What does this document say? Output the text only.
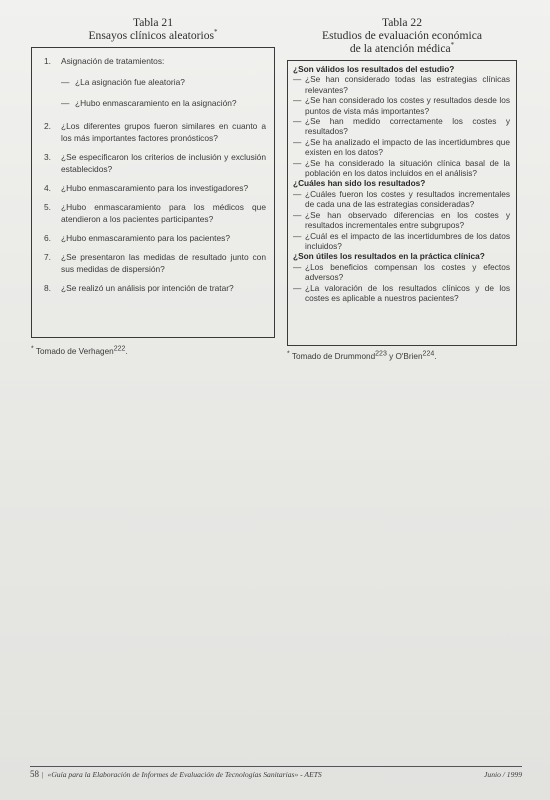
Tabla 21
Ensayos clínicos aleatorios*
1.	Asignación de tratamientos:
— ¿La asignación fue aleatoria?
— ¿Hubo enmascaramiento en la asignación?
2.	¿Los diferentes grupos fueron similares en cuanto a los más importantes factores pronósticos?
3.	¿Se especificaron los criterios de inclusión y exclusión establecidos?
4.	¿Hubo enmascaramiento para los investigadores?
5.	¿Hubo enmascaramiento para los médicos que atendieron a los pacientes participantes?
6.	¿Hubo enmascaramiento para los pacientes?
7.	¿Se presentaron las medidas de resultado junto con sus medidas de dispersión?
8.	¿Se realizó un análisis por intención de tratar?
* Tomado de Verhagen$^{222}$.
Tabla 22
Estudios de evaluación económica
de la atención médica*
¿Son válidos los resultados del estudio?
— ¿Se han considerado todas las estrategias clínicas relevantes?
— ¿Se han considerado los costes y resultados desde los puntos de vista más importantes?
— ¿Se han medido correctamente los costes y resultados?
— ¿Se ha analizado el impacto de las incertidumbres que existen en los datos?
— ¿Se ha considerado la situación clínica basal de la población en los datos incluidos en el análisis?
¿Cuáles han sido los resultados?
— ¿Cuáles fueron los costes y resultados incrementales de cada una de las estrategias consideradas?
— ¿Se han observado diferencias en los costes y resultados incrementales entre subgrupos?
— ¿Cuál es el impacto de las incertidumbres de los datos incluidos?
¿Son útiles los resultados en la práctica clínica?
— ¿Los beneficios compensan los costes y efectos adversos?
— ¿La valoración de los resultados clínicos y de los costes es aplicable a nuestros pacientes?
* Tomado de Drummond$^{223}$ y O'Brien$^{224}$.
58 | «Guía para la Elaboración de Informes de Evaluación de Tecnologías Sanitarias» - AETS	Junio / 1999
